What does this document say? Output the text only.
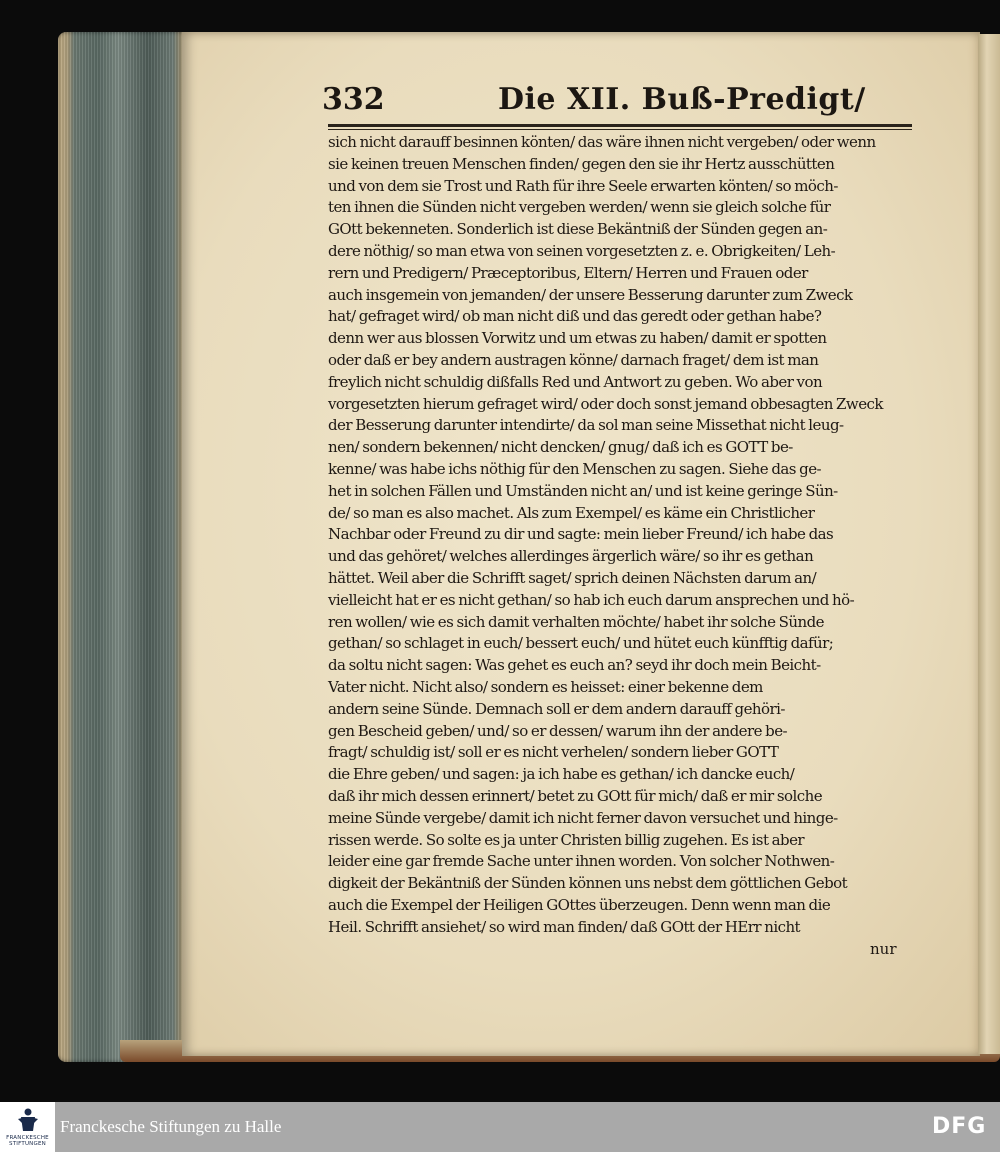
332	Die XII. Buß-Predigt/
sich nicht darauff besinnen könten/ das wäre ihnen nicht vergeben/ oder wenn
sie keinen treuen Menschen finden/ gegen den sie ihr Hertz ausschütten
und von dem sie Trost und Rath für ihre Seele erwarten könten/ so möch-
ten ihnen die Sünden nicht vergeben werden/ wenn sie gleich solche für
GOtt bekenneten. Sonderlich ist diese Bekäntniß der Sünden gegen an-
dere nöthig/ so man etwa von seinen vorgesetzten z. e. Obrigkeiten/ Leh-
rern und Predigern/ Præceptoribus, Eltern/ Herren und Frauen oder
auch insgemein von jemanden/ der unsere Besserung darunter zum Zweck
hat/ gefraget wird/ ob man nicht diß und das geredt oder gethan habe?
denn wer aus blossen Vorwitz und um etwas zu haben/ damit er spotten
oder daß er bey andern austragen könne/ darnach fraget/ dem ist man
freylich nicht schuldig dißfalls Red und Antwort zu geben. Wo aber von
vorgesetzten hierum gefraget wird/ oder doch sonst jemand obbesagten Zweck
der Besserung darunter intendirte/ da sol man seine Missethat nicht leug-
nen/ sondern bekennen/ nicht dencken/ gnug/ daß ich es GOTT be-
kenne/ was habe ichs nöthig für den Menschen zu sagen. Siehe das ge-
het in solchen Fällen und Umständen nicht an/ und ist keine geringe Sün-
de/ so man es also machet. Als zum Exempel/ es käme ein Christlicher
Nachbar oder Freund zu dir und sagte: mein lieber Freund/ ich habe das
und das gehöret/ welches allerdinges ärgerlich wäre/ so ihr es gethan
hättet. Weil aber die Schrifft saget/ sprich deinen Nächsten darum an/
vielleicht hat er es nicht gethan/ so hab ich euch darum ansprechen und hö-
ren wollen/ wie es sich damit verhalten möchte/ habet ihr solche Sünde
gethan/ so schlaget in euch/ bessert euch/ und hütet euch künfftig dafür;
da soltu nicht sagen: Was gehet es euch an? seyd ihr doch mein Beicht-
Vater nicht. Nicht also/ sondern es heisset: einer bekenne dem
andern seine Sünde. Demnach soll er dem andern darauff gehöri-
gen Bescheid geben/ und/ so er dessen/ warum ihn der andere be-
fragt/ schuldig ist/ soll er es nicht verhelen/ sondern lieber GOTT
die Ehre geben/ und sagen: ja ich habe es gethan/ ich dancke euch/
daß ihr mich dessen erinnert/ betet zu GOtt für mich/ daß er mir solche
meine Sünde vergebe/ damit ich nicht ferner davon versuchet und hinge-
rissen werde. So solte es ja unter Christen billig zugehen. Es ist aber
leider eine gar fremde Sache unter ihnen worden. Von solcher Nothwen-
digkeit der Bekäntniß der Sünden können uns nebst dem göttlichen Gebot
auch die Exempel der Heiligen GOttes überzeugen. Denn wenn man die
Heil. Schrifft ansiehet/ so wird man finden/ daß GOtt der HErr nicht
nur
FRANCKESCHE
STIFTUNGEN
Franckesche Stiftungen zu Halle	DFG
